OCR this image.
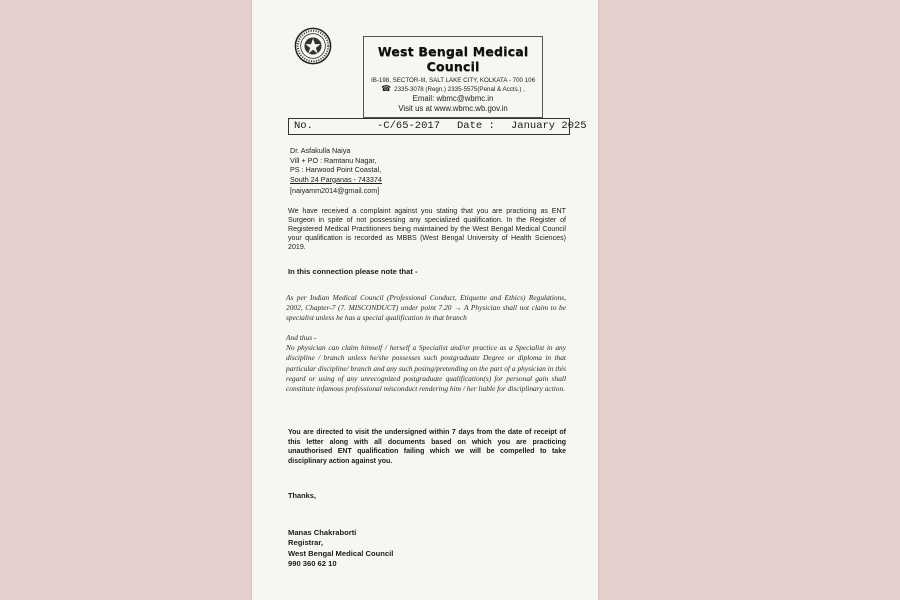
West Bengal Medical Council
IB-198, SECTOR-III, SALT LAKE CITY, KOLKATA - 700 106
☎ 2335-3078 (Regn.) 2335-5575(Penal & Accts.) ,
Email: wbmc@wbmc.in
Visit us at www.wbmc.wb.gov.in
No.	-C/65-2017 Date : January 2025
Dr. Asfakulla Naiya
Vill + PO : Ramtanu Nagar,
PS : Harwood Point Coastal,
South 24 Parganas - 743374
[naiyamm2014@gmail.com]
We have received a complaint against you stating that you are practicing as ENT Surgeon in spite of not possessing any specialized qualification. In the Register of Registered Medical Practitioners being maintained by the West Bengal Medical Council your qualification is recorded as MBBS (West Bengal University of Health Sciences) 2019.
In this connection please note that -
As per Indian Medical Council (Professional Conduct, Etiquette and Ethics) Regulations, 2002, Chapter-7 (7. MISCONDUCT) under point 7.20 → A Physician shall not claim to be specialist unless he has a special qualification in that branch
And thus -
No physician can claim himself / herself a Specialist and/or practice as a Specialist in any discipline / branch unless he/she possesses such postgraduate Degree or diploma in that particular discipline/ branch and any such posing/pretending on the part of a physician in this regard or using of any unrecognized postgraduate qualification(s) for personal gain shall constitute infamous professional misconduct rendering him / her liable for disciplinary action.
You are directed to visit the undersigned within 7 days from the date of receipt of this letter along with all documents based on which you are practicing unauthorised ENT qualification failing which we will be compelled to take disciplinary action against you.
Thanks,
Manas Chakraborti
Registrar,
West Bengal Medical Council
990 360 62 10
